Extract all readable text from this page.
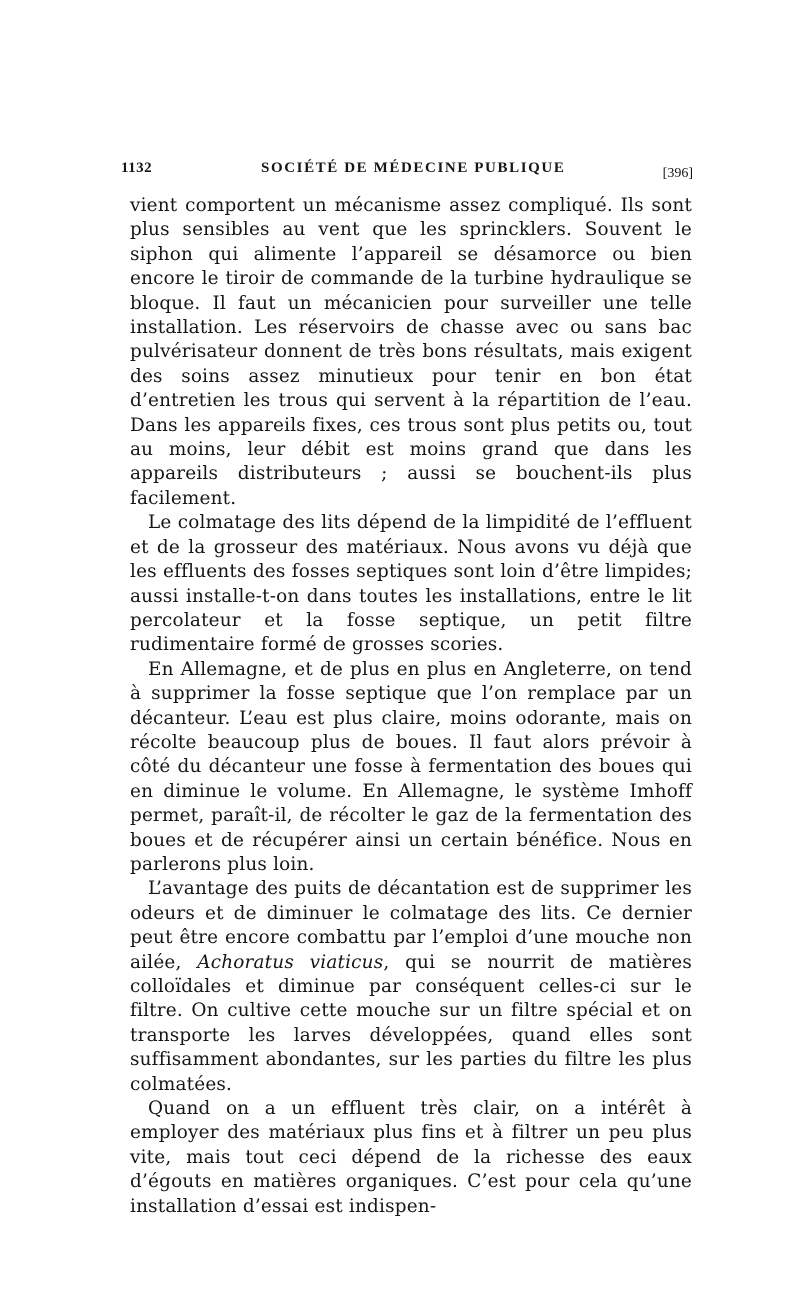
1132	SOCIÉTÉ DE MÉDECINE PUBLIQUE	[396]

vient comportent un mécanisme assez compliqué. Ils sont plus sensibles au vent que les sprincklers. Souvent le siphon qui alimente l’appareil se désamorce ou bien encore le tiroir de commande de la turbine hydraulique se bloque. Il faut un mécanicien pour surveiller une telle installation. Les réservoirs de chasse avec ou sans bac pulvérisateur donnent de très bons résultats, mais exigent des soins assez minutieux pour tenir en bon état d’entretien les trous qui servent à la répartition de l’eau. Dans les appareils fixes, ces trous sont plus petits ou, tout au moins, leur débit est moins grand que dans les appareils distributeurs ; aussi se bouchent-ils plus facilement.

Le colmatage des lits dépend de la limpidité de l’effluent et de la grosseur des matériaux. Nous avons vu déjà que les effluents des fosses septiques sont loin d’être limpides; aussi installe-t-on dans toutes les installations, entre le lit percolateur et la fosse septique, un petit filtre rudimentaire formé de grosses scories.

En Allemagne, et de plus en plus en Angleterre, on tend à supprimer la fosse septique que l’on remplace par un décanteur. L’eau est plus claire, moins odorante, mais on récolte beaucoup plus de boues. Il faut alors prévoir à côté du décanteur une fosse à fermentation des boues qui en diminue le volume. En Allemagne, le système Imhoff permet, paraît-il, de récolter le gaz de la fermentation des boues et de récupérer ainsi un certain bénéfice. Nous en parlerons plus loin.

L’avantage des puits de décantation est de supprimer les odeurs et de diminuer le colmatage des lits. Ce dernier peut être encore combattu par l’emploi d’une mouche non ailée, Achoratus viaticus, qui se nourrit de matières colloïdales et diminue par conséquent celles-ci sur le filtre. On cultive cette mouche sur un filtre spécial et on transporte les larves développées, quand elles sont suffisamment abondantes, sur les parties du filtre les plus colmatées.

Quand on a un effluent très clair, on a intérêt à employer des matériaux plus fins et à filtrer un peu plus vite, mais tout ceci dépend de la richesse des eaux d’égouts en matières organiques. C’est pour cela qu’une installation d’essai est indispen-
